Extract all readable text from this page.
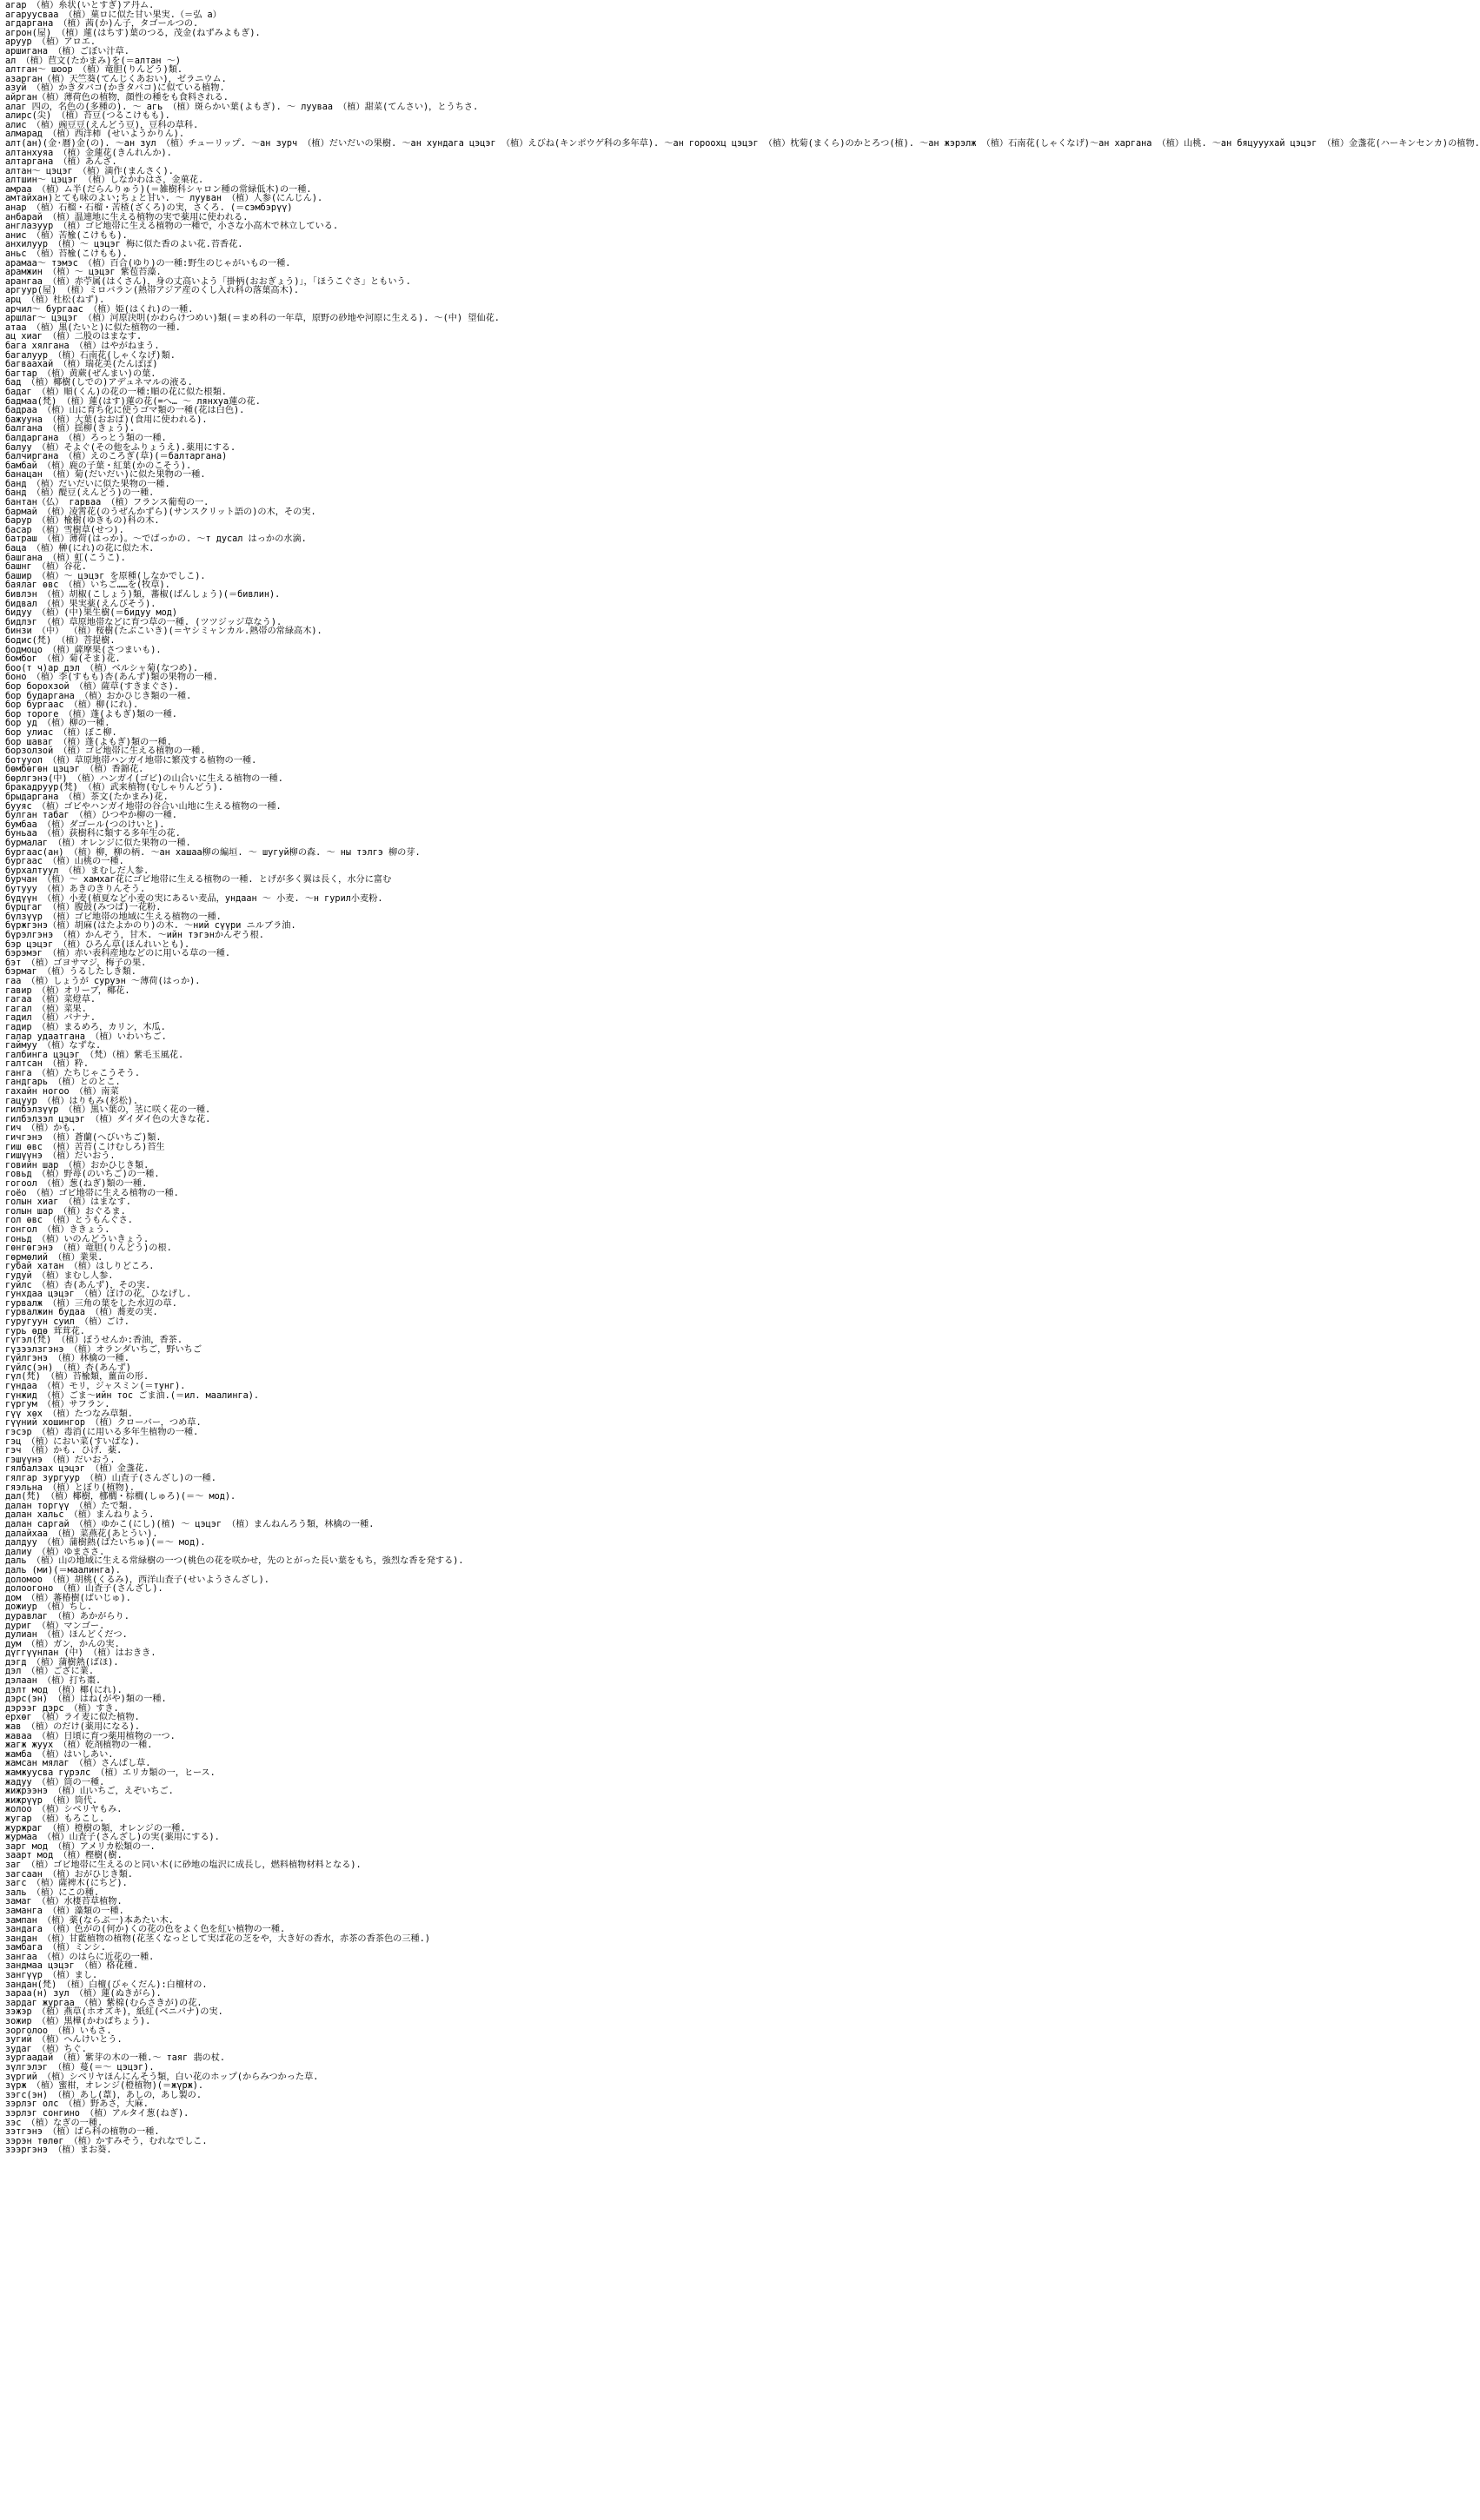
агар （植）糸状(いとすぎ)ア丹ム.
агаруусваа （植）菓ロに似た甘い果実.（＝弘 a）
агдарганa （植）茜(か)ん子，タゴールつの.
агрон(屋) （植）蓮(はちす)葉のつる，茂金(ねずみよもぎ).
аруур （植）アロエ.
аршиганa （植）ごぼい汁草.
ал （植）苣文(たかまみ)を(＝алтан ～)
алтган～ шоор （植）竜胆(りんどう)類.
азарган（植）天竺葵(てんじくあおい)，ゼラニウム.
азуй （植）かきタバコ(かきタバコ)に似ている植物.
айрган（植）薄荷色の植物，顔性の種をも食料される.
алаг 四の，名色の(多種の). ～ агь （植）斑らかい葉(よもぎ). ～ лууваа （植）甜菜(てんさい)，とうちさ.
алирс(尖) （植）苔豆(つるこけもも).
алис （植）豌豆豆(えんどう豆)，豆科の草科.
алмарад （植）西洋柿 (せいようかりん).
алт(ан)(金·暦)金(の). ～ан зул （植）チューリップ. ～ан зурч （植）だいだいの果樹. ～ан хундага цэцэг （植）えびね(キンポウゲ科の多年草). ～ан гороохц цэцэг （植）枕菊(まくら)のかとろつ(植). ～ан жэрэлж （植）石南花(しゃくなげ)～ан харгана （植）山桃. ～ан бяцууухай цэцэг （植）金盞花(ハーキンセンカ)の植物.
алтанхуяа （植）金蓮花(きんれんか).
алтарганa （植）あんざ.
алтан～ цэцэг （植）満作(まんさく).
алтшин～ цэцэг （植）しなかわはさ，金菓花.
амраа （植）ム半(だらんりゅう)(＝雑樹科シャロン種の常緑低木)の一種.
амтайхан)とても味のよい;ちょと甘い. ～ лууван （植）人参(にんじん).
анар （植）石榴・石榴・苦楂(ざくろ)の実，さくろ. (＝сэмбэрүү)
анбарай （植）温連地に生える植物の実で薬用に使われる.
англазуур （植）ゴビ地帯に生える植物の一種で，小さな小高木で林立している.
анис （植）苦楡(こけもも).
анхилуур （植）～ цэцэг 梅に似た香のよい花.苔香花.
аньс （植）苔楡(こけもも).
арамаа～ тэмэс （植）百合(ゆり)の一種:野生のじゃがいもの一種.
арамжин （植）～ цэцэг 紫苞苔藻.
арангаа （植）赤苧属(はくさん)，身の丈高いよう「掛柄(おおぎょう)」，「ほうこぐさ」ともいう.
аргуур(屋) （植）ミロバラン(熱帯アジア産のくし入れ科の落葉高木).
арц （植）杜松(ねず).
арчил～ бургаас （植）姫(はくれ)の一種.
аршлаг～ цэцэг （植）河原決明(かわらけつめい)類(＝まめ科の一年草，原野の砂地や河原に生える). ～(中) 望仙花.
атаа （植）黒(たいと)に似た植物の一種.
ац хиаг （植）二股のはまなす.
бага хялганa （植）はやがねまう.
багалуур （植）石南花(しゃくなげ)類.
багваахай （植）瑞花美(たんぽぽ)
багтар （植）黄蕨(ぜんまい)の葉.
бад （植）椰樹(しでの)アデュネマルの液る.
бадаг （植）順(くん)の花の一種:順の花に似た根類.
бадмаа(梵) （植）蓮(はす)蓮の花(=へ… ～ лянхуа蓮の花.
бадраа （植）山に育ち化に使うゴマ類の一種(花は白色).
бажууна （植）大葉(おおば)(食用に使われる).
балганa （植）揺柳(きょう).
балдарганa （植）ろっとう類の一種.
балуу （植）そよぐ(その他をふりょうえ).薬用にする.
балчирганa （植）えのころぎ(草)(＝балтаргана)
бамбай （植）鹿の子葉・紅葉(かのこそう).
банацан （植）菊(だいだい)に似た果物の一種.
банд （植）だいだいに似た果物の一種.
банд （植）醍豆(えんどう)の一種.
бантан（仏） гарваа （植）フランス葡萄の一.
бармай （植）凌霄花(のうぜんかずら)(サンスクリット語の)の木，その実.
барур （植）楡樹(ゆきもの)科の木.
басар （植）雪樹草(せつ).
батраш （植）薄荷(はっか)。～でばっかの. ～т дусал はっかの水滴.
баца （植）榊(にれ)の花に似た木.
башганa （植）虹(こうこ).
башнг （植）谷花.
башир （植）～ цэцэг を原種(しなかでしこ).
баялаг өвс （植）いちご……を(牧草).
бивлэн （植）胡椒(こしょう)類，蕃椒(ばんしょう)(＝бивлин).
бидвал （植）果実薬(えんびそう).
бидуу （植）(中)果生樹(＝бидуу мод)
бидлэг （植）草原地帯などに育つ草の一種. (ツツジッジ草なう).
бинзи （中） （植）桜樹(たぶこいき)(＝ヤシミャンカル.熱帯の常緑高木).
бодис(梵) （植）菩提樹.
бодмоцо （植）薩摩果(さつまいも).
бомбог （植）菊(そま)花.
боо(т ч)ар дэл （植）ベルシャ菊(なつめ).
боно （植）李(すもも)杏(あんず)類の果物の一種.
бор борохзой （植）薩草(すきまぐさ).
бор бударганa （植）おかひじき類の一種.
бор бургаас （植）柳(にれ).
бор тороге （植）蓬(よもぎ)類の一種.
бор уд （植）柳の一種.
бор улиас （植）ぼこ柳.
бор шаваг （植）蓬(よもぎ)類の一種.
борзолзой （植）ゴビ地帯に生える植物の一種.
ботууол （植）草原地帯ハンガイ地帯に繁茂する植物の一種.
бөмбөгөн цэцэг （植）香錦花.
бөрлгэнэ(中) （植）ハンガイ(ゴビ)の山合いに生える植物の一種.
бракадруур(梵) （植）武来植物(むしゃりんどう).
брыдарганa （植）茶文(たかまみ)花.
бууяс （植）ゴビやハンガイ地帯の谷合い山地に生える植物の一種.
булган табаг （植）ひつやか柳の一種.
бумбаа （植）ダゴール(つのけいと).
буньаа （植）荻樹科に類する多年生の花.
бурмалаг （植）オレンジに似た果物の一種.
бургаас(ан) （植）柳，柳の柄. ～ан хашаа柳の編垣. ～ шугуй柳の森. ～ ны тэлгэ 柳の芽.
бургаас （植）山桃の一種.
бурхалтуул （植）まむしだ人参.
бурчан （植）～ хамхаг花にゴビ地帯に生える植物の一種. とげが多く翼は長く，水分に富む
бутууу （植）あきのきりんそう.
бүдүүн （植）小麦(植夏など小麦の実にあるい麦品，ундаан ～ 小麦. ～н гурил小麦粉.
бүрцгаг （植）腹鼓(みつば)一花粉.
бүлзүүр （植）ゴビ地帯の地域に生える植物の一種.
бүржгэнэ（植）胡麻(はたよかのり)の木. ～ний сүүри ニルブラ油.
бүрэлгэнэ （植）かんぞう，甘木. ～ийн тэгэнかんぞう根.
бэр цэцэг （植）ひろん草(ほんれいとも).
бэрэмэг （植）赤い表科産地などのに用いる草の一種.
бэт （植）ゴヨサマジ，梅子の果.
бэрмаг （植）うるしたしき類.
гаа （植）しょうが суруэн ～薄荷(はっか).
гавир （植）オリーブ，椰花.
гагаа （植）菜燈草.
гагал （植）菜果.
гадил （植）バナナ.
гадир （植）まるめろ，カリン，木瓜.
галар удаатганa （植）いわいちご.
гаймуу （植）なずな.
галбинга цэцэг （梵）（植）紫毛玉風花.
галтсан （植）粋.
гангa （植）たちじゃこうそう.
гандгарь （植）とのとこ.
гахайн ногоо （植）南菜
гацуур （植）はりもみ(杉松).
гилбэлзүүр （植）黒い葉の，茎に咲く花の一種.
гилбэлзэл цэцэг （植）ダイダイ色の大きな花.
гич （植）かも.
гичгэнэ （植）蒼蘭(へびいちご)類.
гиш өвс （植）苦苔(こけむしろ)苔生
гишүүнэ （植）だいおう.
говийн шар （植）おかひじき類.
говьд （植）野苺(のいちご)の一種.
гогоол （植）葱(ねぎ)類の一種.
гоёо （植）ゴビ地帯に生える植物の一種.
голын хиаг （植）はまなす.
голын шар （植）おぐるま.
гол өвс （植）とうもんぐさ.
гонгол （植）ききょう.
гоньд （植）いのんどういきょう.
гөнгөгэнэ （植）竜胆(りんどう)の根.
гөрмөлий （植）業果.
губай хатан （植）はしりどころ.
гудуй （植）まむし人参.
гуйлс （植）杏(あんず)，その実.
гунхдаа цэцэг （植）ぼけの花，ひなげし.
гурвалж （植）三角の葉をした水辺の草.
гурвалжин будаа （植）蕎麦の実.
гуругуун суил （植）ごけ.
гурь өдө 茸茸花.
гүгэл(梵) （植）ぼうせんか:香油，香茶.
гүзээлзгэнэ （植）オランダいちご，野いちご
гүйлгэнэ （植）林檎の一種.
гүйлс(эн) （植）杏(あんず)
гүл(梵) （植）苔楡類，薑苗の形.
гүндаа （植）モリ，ジャスミン(＝тунг).
гүнжид （植）ごま～ийн тос ごま油.(＝ил. маалинга).
гүргум （植）サフラン.
гүү хөх （植）たつなみ草類.
гүүний хошингор （植）クローバー，つめ草.
гэсэр （植）毒消(に用いる多年生植物の一種.
гэц （植）におい菜(すいばな).
гэч （植）かも. ひげ．薬.
гэшүүнэ （植）だいおう.
гялбалзах цэцэг （植）金盞花.
гялгар зургуур （植）山査子(さんざし)の一種.
гяэльнa （植）とぼり(植物).
дал(梵) （植）椰樹，梛櫚・棕櫚(しゅろ)(＝～ мод).
далан торгүү （植）たで類.
далан хальс （植）まんねりよう.
далан саргай （植）ゆかこ(にし)(植) ～ цэцэг （植）まんねんろう類，林檎の一種.
далайхаа （植）菜燕花(あとうい).
далдуу （植）蒲樹熱(ばたいちゅ)(＝～ мод).
далиу （植）ゆまささ.
даль （植）山の地域に生える常緑樹の一つ(桃色の花を咲かせ，先のとがった長い葉をもち，強烈な香を発する).
даль (ми)(＝маалинга).
доломоо （植）胡桃(くるみ)，西洋山査子(せいようさんざし).
долоогоно （植）山査子(さんざし).
дом （植）蕃椿樹(ばいじゅ).
дожиур （植）ちし.
дуравлаг （植）あかがらり.
дуриг （植）マンゴー.
дулиан （植）ほんどくだつ.
дум （植）ガン，かんの実.
дүггүүнлан (中) （植）はおきき.
дэгд （植）蒲樹熱(ばほ).
дэл （植）ござに業.
дэлаан （植）打ち棗.
дэлт мод （植）椰(にれ).
дэрс(эн) （植）はね(がや)類の一種.
дэрээг дэрс （植）すき.
ерхөг （植）ライ麦に似た植物.
жав （植）のだけ(薬用になる).
жаваа （植）日頃に育つ薬用植物の一つ.
жагж жуух （植）乾剤植物の一種.
жамба （植）はいしあい.
жамсан мялаг （植）さんぱし草.
жамжуусва гүрэлс （植）エリカ類の一，ヒース.
жадуу （植）筒の一種.
жижрээнэ （植）山いちご，えぞいちご.
жижрүүр （植）筒代.
жолоо （植）シベリヤもみ.
жугар （植）もろこし.
журжраг （植）橙樹の類，オレンジの一種.
журмаа （植）山査子(さんざし)の実(薬用にする).
зарг мод （植）アメリカ松類の一.
заарт мод （植）樫樹(樹.
заг （植）ゴビ地帯に生えるのと同い木(に砂地の塩沢に成長し，燃料植物材料となる).
загсаан （植）おがひじき類.
загс （植）薩裨木(にちど).
заль （植）にこの種.
замаг （植）水棲苔草植物.
заманга （植）藻類の一種.
зампан （植）薬(ならぶ一)本あたい木.
зандага （植）色がの(何か)くの花の色をよく色を紅い植物の一種.
зандан （植）甘藍植物の植物(花茎くなっとして実ば花の芝をや，大き好の香水，赤茶の香茶色の三種.)
замбага （植）ミンシ.
зангаа （植）のはらに近花の一種.
зандмаа цэцэг （植）格花種.
зангүүр （植）まし.
зандан(梵) （植）白檀(びゃくだん):白檀材の.
зараа(н) зул （植）蓮(ぬきがら).
зардаг жургаа （植）紫棉(むらさきが)の花.
зэжэр （植）燕草(ホオズキ)，紙紅(ベニバナ)の実.
зожир （植）黒樺(かわばちょう).
зорголоо （植）いもさ.
зугий （植）へんけいとう.
зудаг （植）ちぐ.
зургаадай （植）紫芽の木の一種.～ таяг 翡の杖.
зүлгэлэг （植）蔓(＝～ цэцэг).
зүргий （植）シベリヤほんにんそう類，白い花のホップ(からみつかった草.
зүрж （植）蜜柑，オレンジ(橙植物)(＝жүрж).
зэгс(эн) （植）あし(葦)，あしの，あし製の.
зэрлэг олс （植）野あさ，大麻.
зэрлэг сонгино （植）アルタイ葱(ねぎ).
зэс （植）なぎの一種.
зэтгэнэ （植）ばら科の植物の一種.
зэрэн төлөг （植）かすみそう，むれなでしこ.
зээргэнэ （植）まお葵.
